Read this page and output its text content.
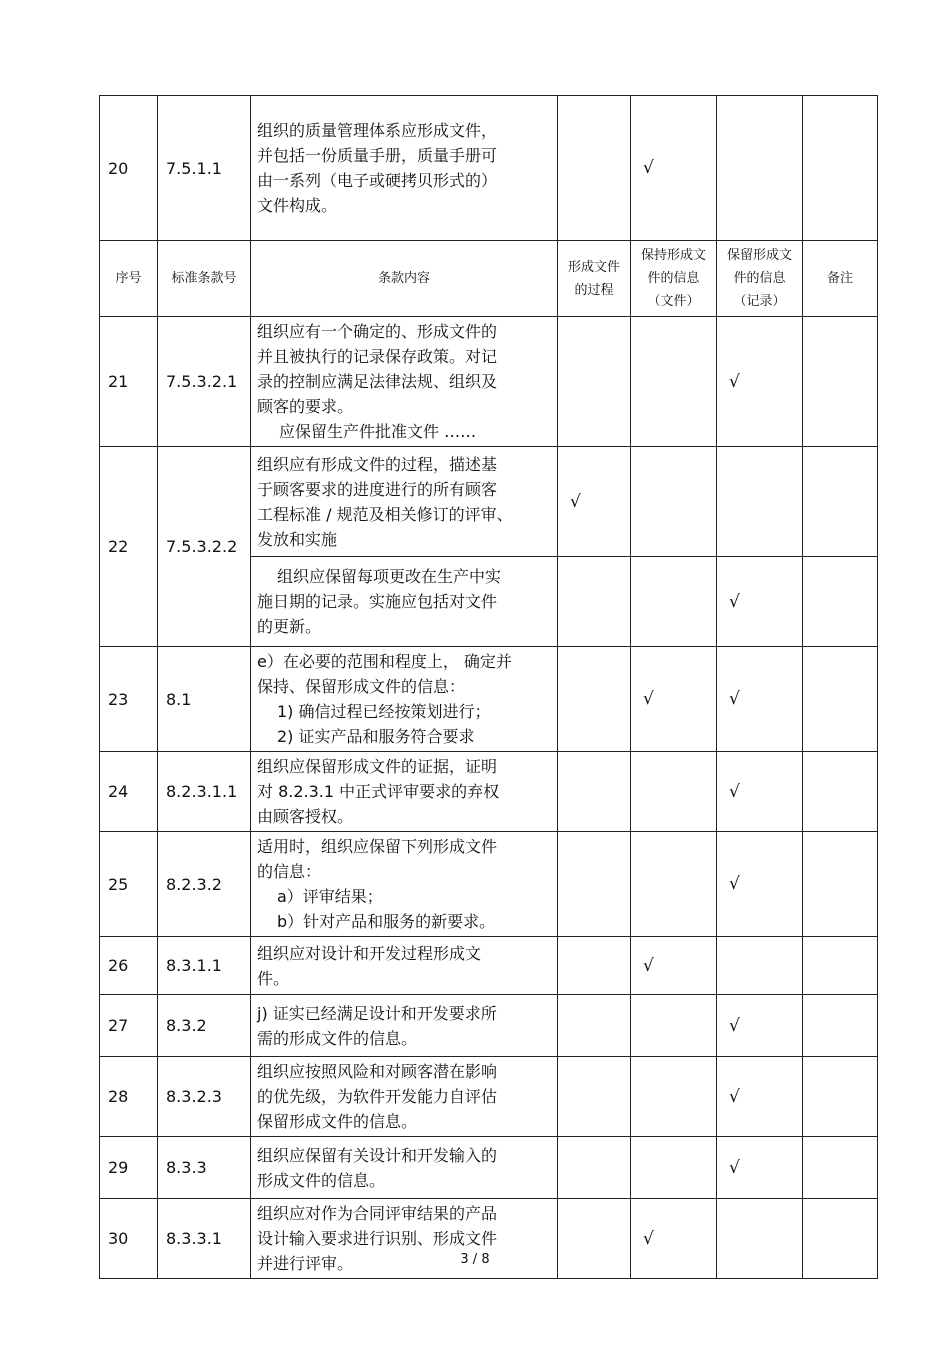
20	7.5.1.1	组织的质量管理体系应形成文件，

并包括一份质量手册，质量手册可

由一系列（电子或硬拷贝形式的）

文件构成。		√		
序号	标准条款号	条款内容	形成文件的过程	保持形成文件的信息（文件）	保留形成文件的信息（记录）	备注
21	7.5.3.2.1	组织应有一个确定的、形成文件的

并且被执行的记录保存政策。对记

录的控制应满足法律法规、组织及

顾客的要求。

应保留生产件批准文件 ……			√	
22	7.5.3.2.2	组织应有形成文件的过程，描述基

于顾客要求的进度进行的所有顾客

工程标准 / 规范及相关修订的评审、

发放和实施	√			

		组织应保留每项更改在生产中实

施日期的记录。实施应包括对文件

的更新。			√	
23	8.1	e）在必要的范围和程度上， 确定并

保持、保留形成文件的信息：

1) 确信过程已经按策划进行；

2) 证实产品和服务符合要求		√	√	
24	8.2.3.1.1	组织应保留形成文件的证据，证明

对 8.2.3.1 中正式评审要求的弃权

由顾客授权。			√	
25	8.2.3.2	适用时，组织应保留下列形成文件

的信息：

a）评审结果；

b）针对产品和服务的新要求。			√	
26	8.3.1.1	组织应对设计和开发过程形成文

件。		√		
27	8.3.2	j) 证实已经满足设计和开发要求所

需的形成文件的信息。			√	
28	8.3.2.3	组织应按照风险和对顾客潜在影响

的优先级，为软件开发能力自评估

保留形成文件的信息。			√	
29	8.3.3	组织应保留有关设计和开发输入的

形成文件的信息。			√	
30	8.3.3.1	组织应对作为合同评审结果的产品

设计输入要求进行识别、形成文件

并进行评审。		√		
3 / 8
